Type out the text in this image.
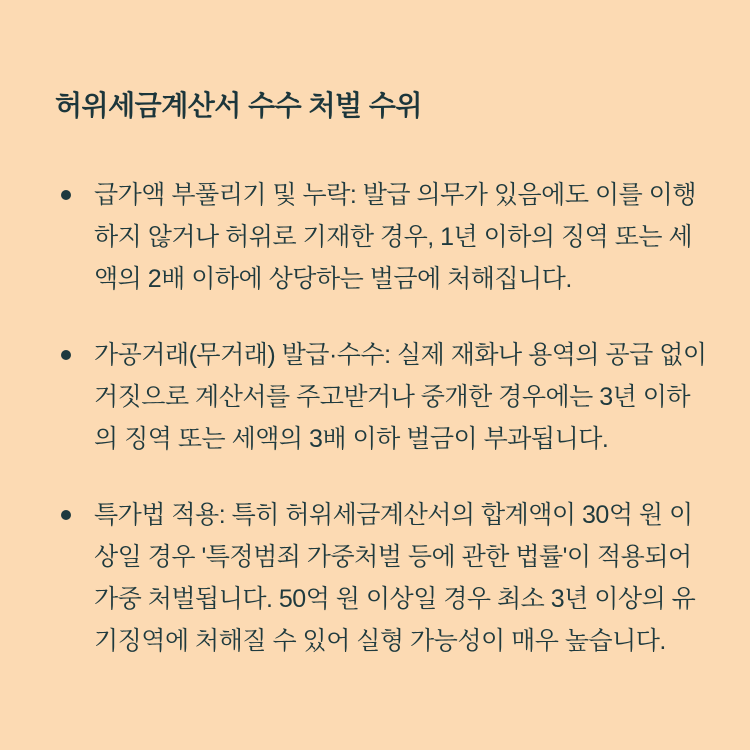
허위세금계산서 수수 처벌 수위
급가액 부풀리기 및 누락: 발급 의무가 있음에도 이를 이행
하지 않거나 허위로 기재한 경우, 1년 이하의 징역 또는 세
액의 2배 이하에 상당하는 벌금에 처해집니다.
가공거래(무거래) 발급·수수: 실제 재화나 용역의 공급 없이
거짓으로 계산서를 주고받거나 중개한 경우에는 3년 이하
의 징역 또는 세액의 3배 이하 벌금이 부과됩니다.
특가법 적용: 특히 허위세금계산서의 합계액이 30억 원 이
상일 경우 '특정범죄 가중처벌 등에 관한 법률'이 적용되어
가중 처벌됩니다. 50억 원 이상일 경우 최소 3년 이상의 유
기징역에 처해질 수 있어 실형 가능성이 매우 높습니다.
